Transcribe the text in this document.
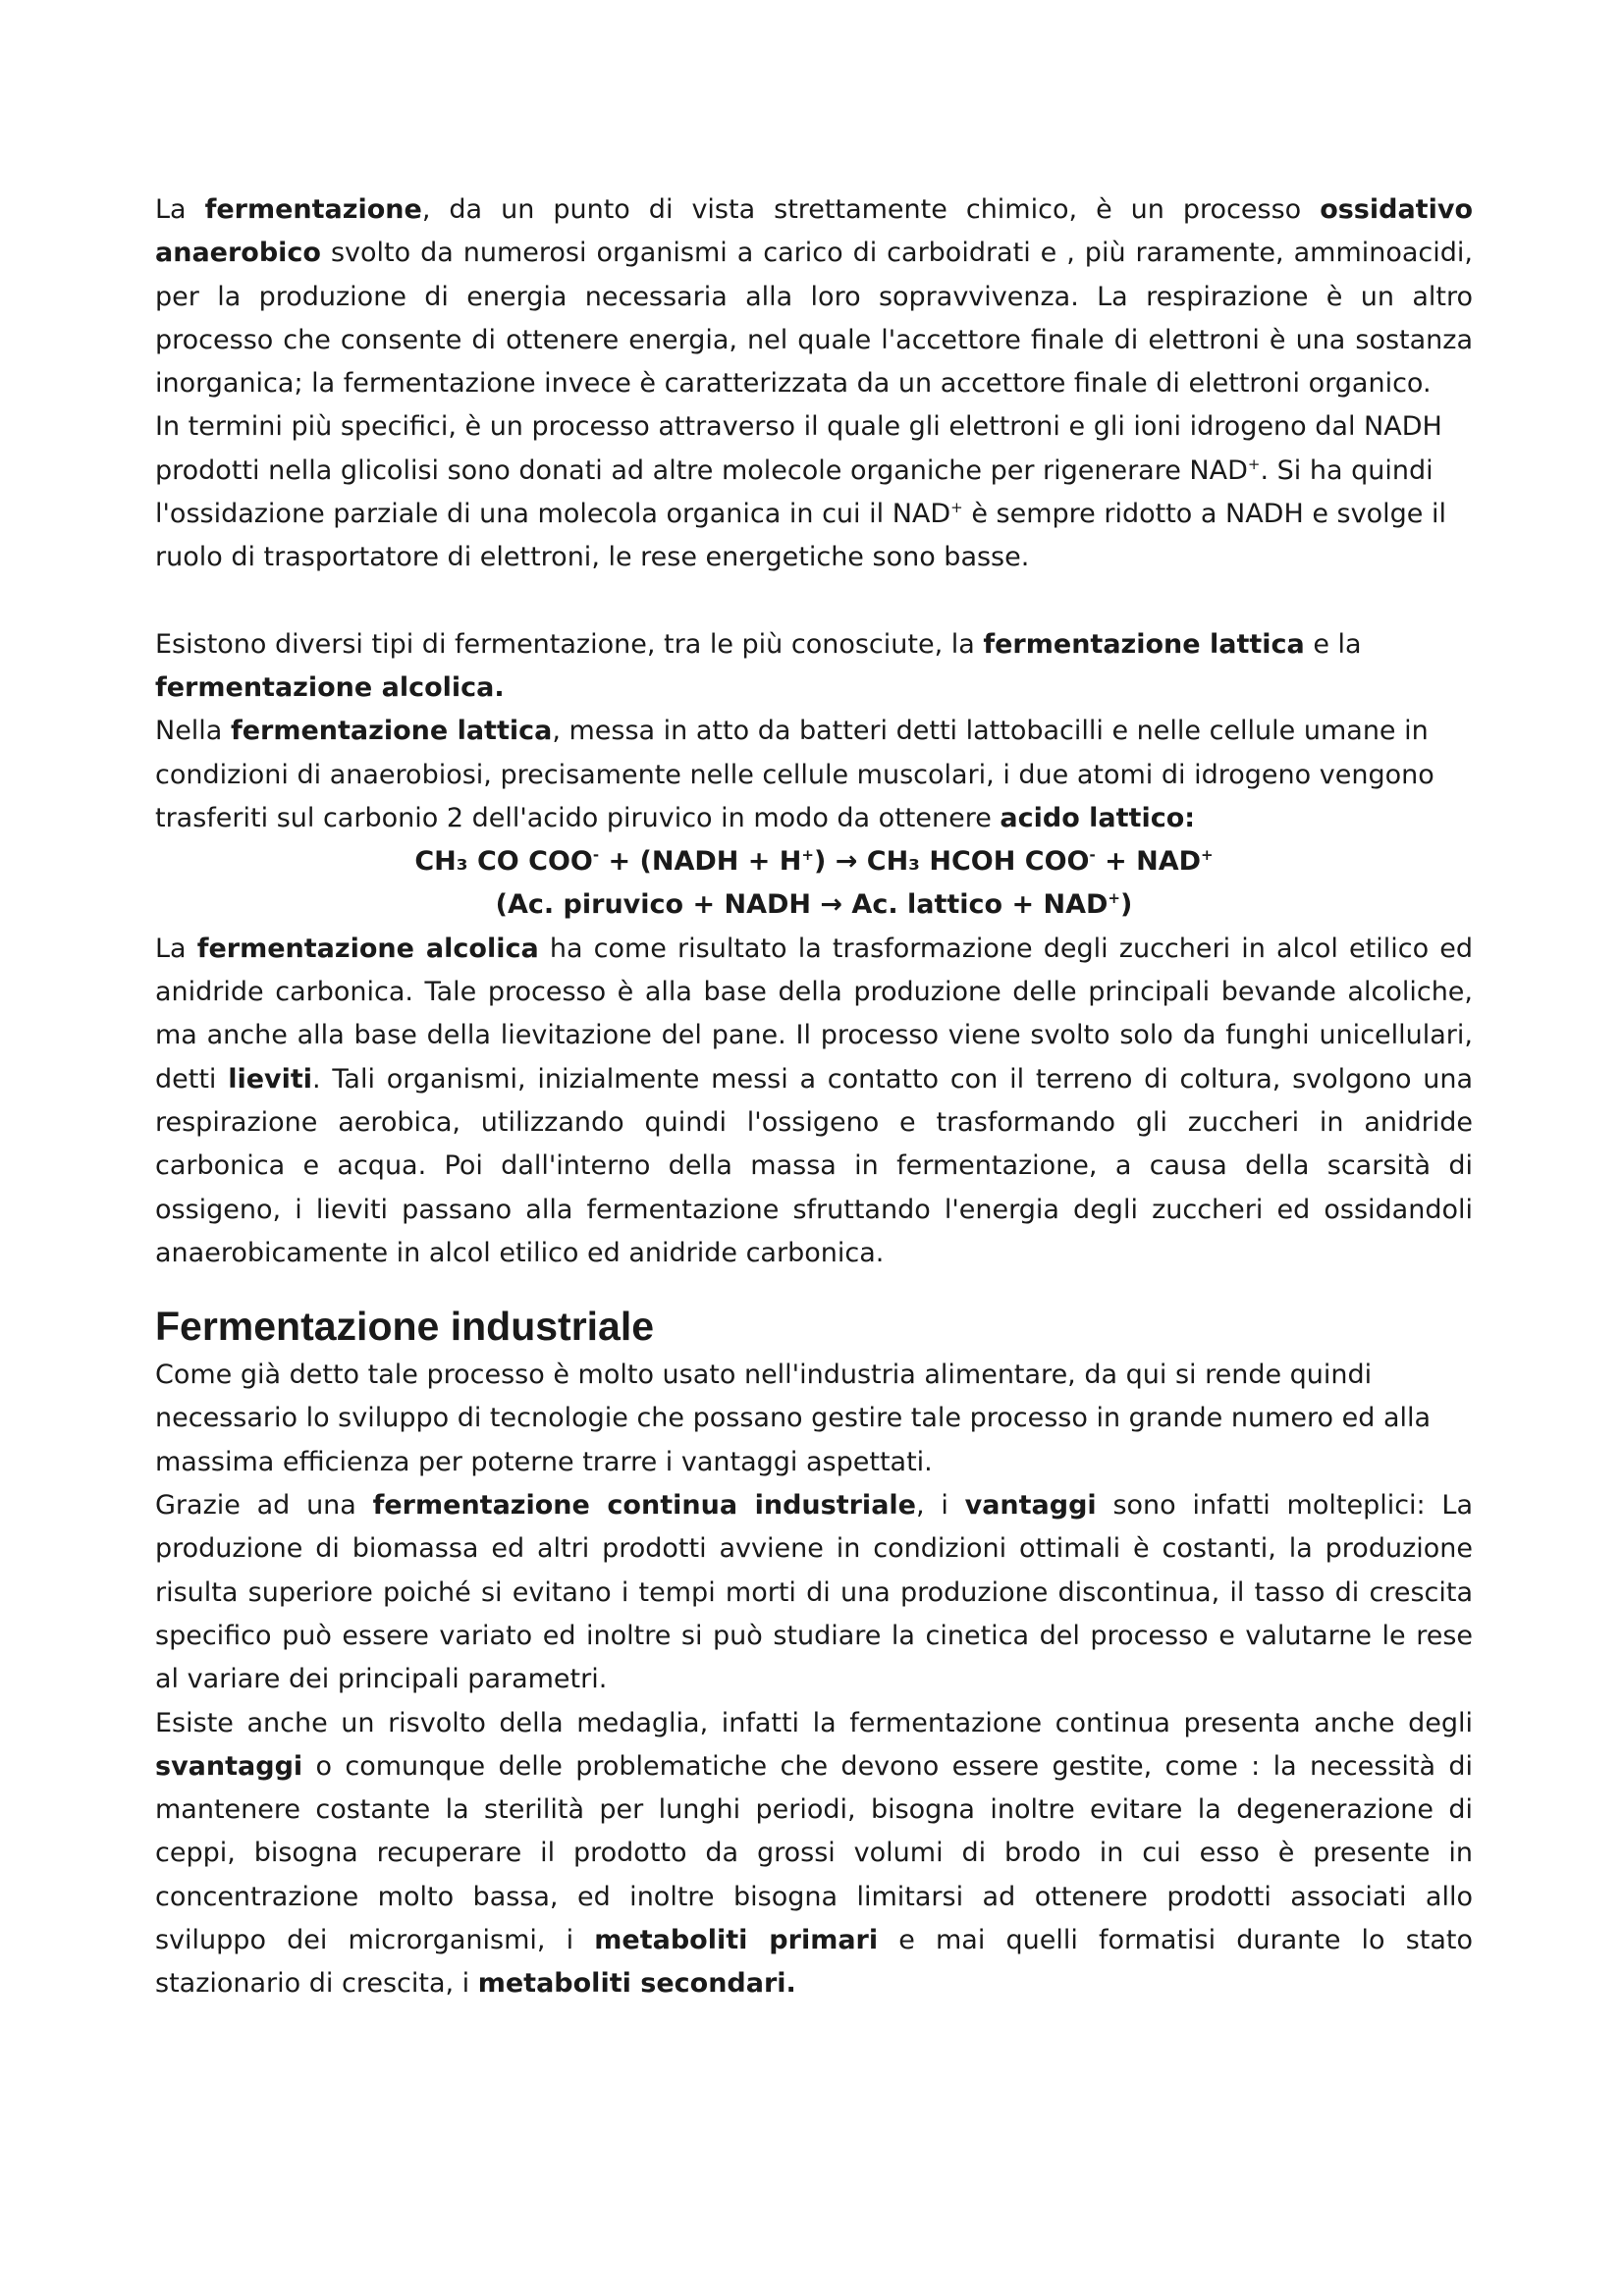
La fermentazione, da un punto di vista strettamente chimico, è un processo ossidativo anaerobico svolto da numerosi organismi a carico di carboidrati e , più raramente, amminoacidi, per la produzione di energia necessaria alla loro sopravvivenza. La respirazione è un altro processo che consente di ottenere energia, nel quale l'accettore finale di elettroni è una sostanza inorganica; la fermentazione invece è caratterizzata da un accettore finale di elettroni organico.

In termini più specifici, è un processo attraverso il quale gli elettroni e gli ioni idrogeno dal NADH prodotti nella glicolisi sono donati ad altre molecole organiche per rigenerare NAD+. Si ha quindi l'ossidazione parziale di una molecola organica in cui il NAD+ è sempre ridotto a NADH e svolge il ruolo di trasportatore di elettroni, le rese energetiche sono basse.

Esistono diversi tipi di fermentazione, tra le più conosciute, la fermentazione lattica e la fermentazione alcolica.

Nella fermentazione lattica, messa in atto da batteri detti lattobacilli e nelle cellule umane in condizioni di anaerobiosi, precisamente nelle cellule muscolari, i due atomi di idrogeno vengono trasferiti sul carbonio 2 dell'acido piruvico in modo da ottenere acido lattico:

CH₃ CO COO- + (NADH + H+) → CH₃ HCOH COO- + NAD+

(Ac. piruvico + NADH → Ac. lattico + NAD+)

La fermentazione alcolica ha come risultato la trasformazione degli zuccheri in alcol etilico ed anidride carbonica. Tale processo è alla base della produzione delle principali bevande alcoliche, ma anche alla base della lievitazione del pane. Il processo viene svolto solo da funghi unicellulari, detti lieviti. Tali organismi, inizialmente messi a contatto con il terreno di coltura, svolgono una respirazione aerobica, utilizzando quindi l'ossigeno e trasformando gli zuccheri in anidride carbonica e acqua. Poi dall'interno della massa in fermentazione, a causa della scarsità di ossigeno, i lieviti passano alla fermentazione sfruttando l'energia degli zuccheri ed ossidandoli anaerobicamente in alcol etilico ed anidride carbonica.

Fermentazione industriale

Come già detto tale processo è molto usato nell'industria alimentare, da qui si rende quindi necessario lo sviluppo di tecnologie che possano gestire tale processo in grande numero ed alla massima efficienza per poterne trarre i vantaggi aspettati.

Grazie ad una fermentazione continua industriale, i vantaggi sono infatti molteplici: La produzione di biomassa ed altri prodotti avviene in condizioni ottimali è costanti, la produzione risulta superiore poiché si evitano i tempi morti di una produzione discontinua, il tasso di crescita specifico può essere variato ed inoltre si può studiare la cinetica del processo e valutarne le rese al variare dei principali parametri.

Esiste anche un risvolto della medaglia, infatti la fermentazione continua presenta anche degli svantaggi o comunque delle problematiche che devono essere gestite, come : la necessità di mantenere costante la sterilità per lunghi periodi, bisogna inoltre evitare la degenerazione di ceppi, bisogna recuperare il prodotto da grossi volumi di brodo in cui esso è presente in concentrazione molto bassa, ed inoltre bisogna limitarsi ad ottenere prodotti associati allo sviluppo dei microrganismi, i metaboliti primari e mai quelli formatisi durante lo stato stazionario di crescita, i metaboliti secondari.
